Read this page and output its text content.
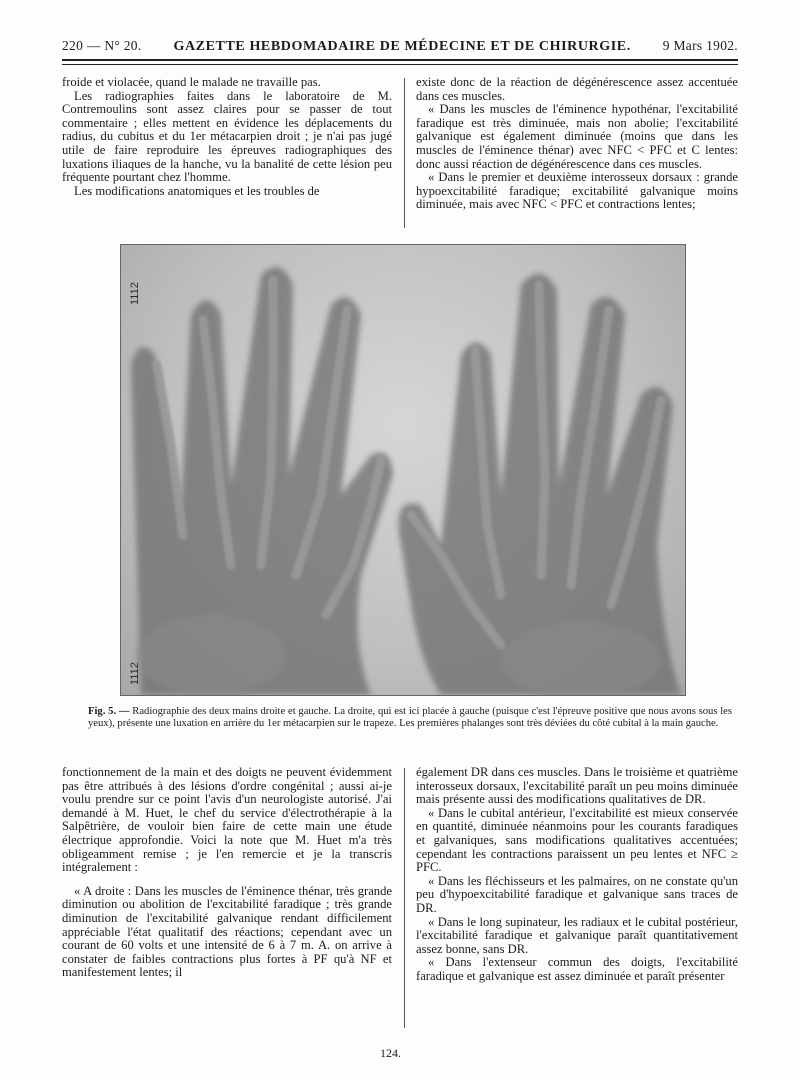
220 — N° 20. GAZETTE HEBDOMADAIRE DE MÉDECINE ET DE CHIRURGIE. 9 Mars 1902.

froide et violacée, quand le malade ne travaille pas.

Les radiographies faites dans le laboratoire de M. Contremoulins sont assez claires pour se passer de tout commentaire ; elles mettent en évidence les déplacements du radius, du cubitus et du 1er métacarpien droit ; je n'ai pas jugé utile de faire reproduire les épreuves radiographiques des luxations iliaques de la hanche, vu la banalité de cette lésion peu fréquente pourtant chez l'homme.

Les modifications anatomiques et les troubles de

existe donc de la réaction de dégénérescence assez accentuée dans ces muscles.

« Dans les muscles de l'éminence hypothénar, l'excitabilité faradique est très diminuée, mais non abolie; l'excitabilité galvanique est également diminuée (moins que dans les muscles de l'éminence thénar) avec NFC < PFC et C lentes: donc aussi réaction de dégénérescence dans ces muscles.

« Dans le premier et deuxième interosseux dorsaux : grande hypoexcitabilité faradique; excitabilité galvanique moins diminuée, mais avec NFC < PFC et contractions lentes;

1112
1112
Fig. 5. — Radiographie des deux mains droite et gauche. La droite, qui est ici placée à gauche (puisque c'est l'épreuve positive que nous avons sous les yeux), présente une luxation en arrière du 1er métacarpien sur le trapeze. Les premières phalanges sont très déviées du côté cubital à la main gauche.

fonctionnement de la main et des doigts ne peuvent évidemment pas être attribués à des lésions d'ordre congénital ; aussi ai-je voulu prendre sur ce point l'avis d'un neurologiste autorisé. J'ai demandé à M. Huet, le chef du service d'électrothérapie à la Salpêtrière, de vouloir bien faire de cette main une étude électrique approfondie. Voici la note que M. Huet m'a très obligeamment remise ; je l'en remercie et je la transcris intégralement :

« A droite : Dans les muscles de l'éminence thénar, très grande diminution ou abolition de l'excitabilité faradique ; très grande diminution de l'excitabilité galvanique rendant difficilement appréciable l'état qualitatif des réactions; cependant avec un courant de 60 volts et une intensité de 6 à 7 m. A. on arrive à constater de faibles contractions plus fortes à PF qu'à NF et manifestement lentes; il

également DR dans ces muscles. Dans le troisième et quatrième interosseux dorsaux, l'excitabilité paraît un peu moins diminuée mais présente aussi des modifications qualitatives de DR.

« Dans le cubital antérieur, l'excitabilité est mieux conservée en quantité, diminuée néanmoins pour les courants faradiques et galvaniques, sans modifications qualitatives accentuées; cependant les contractions paraissent un peu lentes et NFC ≥ PFC.

« Dans les fléchisseurs et les palmaires, on ne constate qu'un peu d'hypoexcitabilité faradique et galvanique sans traces de DR.

« Dans le long supinateur, les radiaux et le cubital postérieur, l'excitabilité faradique et galvanique paraît quantitativement assez bonne, sans DR.

« Dans l'extenseur commun des doigts, l'excitabilité faradique et galvanique est assez diminuée et paraît présenter

124.
